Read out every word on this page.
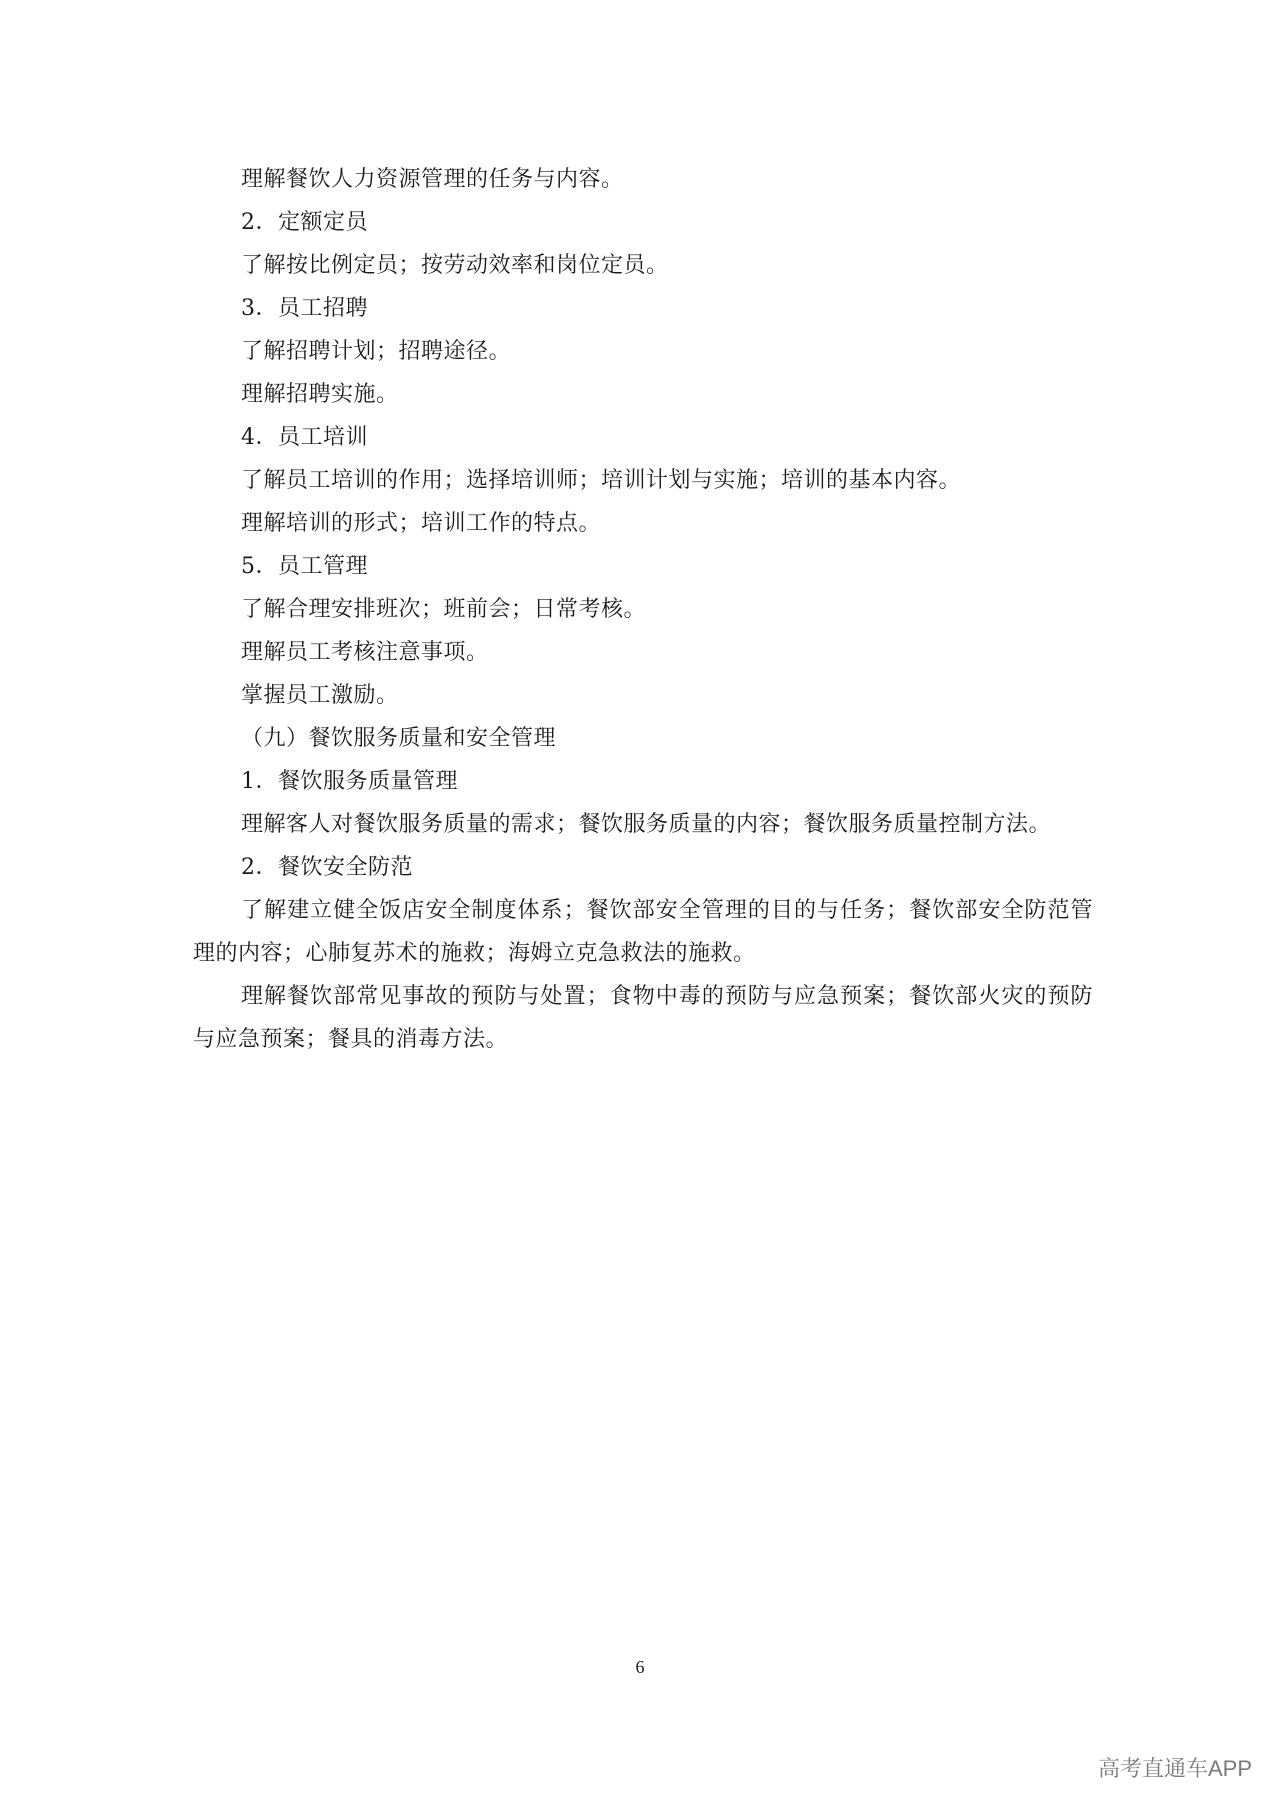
理解餐饮人力资源管理的任务与内容。
2．定额定员
了解按比例定员；按劳动效率和岗位定员。
3．员工招聘
了解招聘计划；招聘途径。
理解招聘实施。
4．员工培训
了解员工培训的作用；选择培训师；培训计划与实施；培训的基本内容。
理解培训的形式；培训工作的特点。
5．员工管理
了解合理安排班次；班前会；日常考核。
理解员工考核注意事项。
掌握员工激励。
（九）餐饮服务质量和安全管理
1．餐饮服务质量管理
理解客人对餐饮服务质量的需求；餐饮服务质量的内容；餐饮服务质量控制方法。
2．餐饮安全防范
了解建立健全饭店安全制度体系；餐饮部安全管理的目的与任务；餐饮部安全防范管理的内容；心肺复苏术的施救；海姆立克急救法的施救。
理解餐饮部常见事故的预防与处置；食物中毒的预防与应急预案；餐饮部火灾的预防与应急预案；餐具的消毒方法。
6
高考直通车APP
